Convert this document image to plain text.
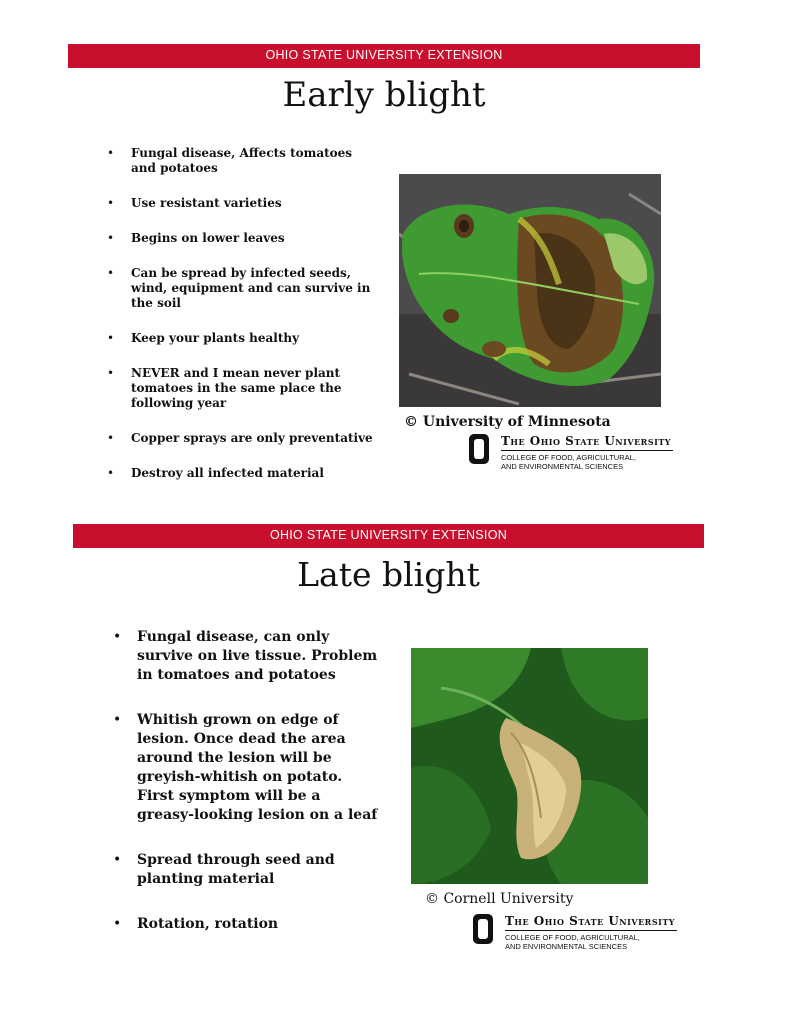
OHIO STATE UNIVERSITY EXTENSION
Early blight
• Fungal disease, Affects tomatoes and potatoes
• Use resistant varieties
• Begins on lower leaves
• Can be spread by infected seeds, wind, equipment and can survive in the soil
• Keep your plants healthy
• NEVER and I mean never plant tomatoes in the same place the following year
• Copper sprays are only preventative
• Destroy all infected material
© University of Minnesota
The Ohio State University
COLLEGE OF FOOD, AGRICULTURAL,
AND ENVIRONMENTAL SCIENCES
OHIO STATE UNIVERSITY EXTENSION
Late blight
• Fungal disease, can only survive on live tissue. Problem in tomatoes and potatoes
• Whitish grown on edge of lesion. Once dead the area around the lesion will be greyish-whitish on potato. First symptom will be a greasy-looking lesion on a leaf
• Spread through seed and planting material
• Rotation, rotation
© Cornell University
The Ohio State University
COLLEGE OF FOOD, AGRICULTURAL,
AND ENVIRONMENTAL SCIENCES
